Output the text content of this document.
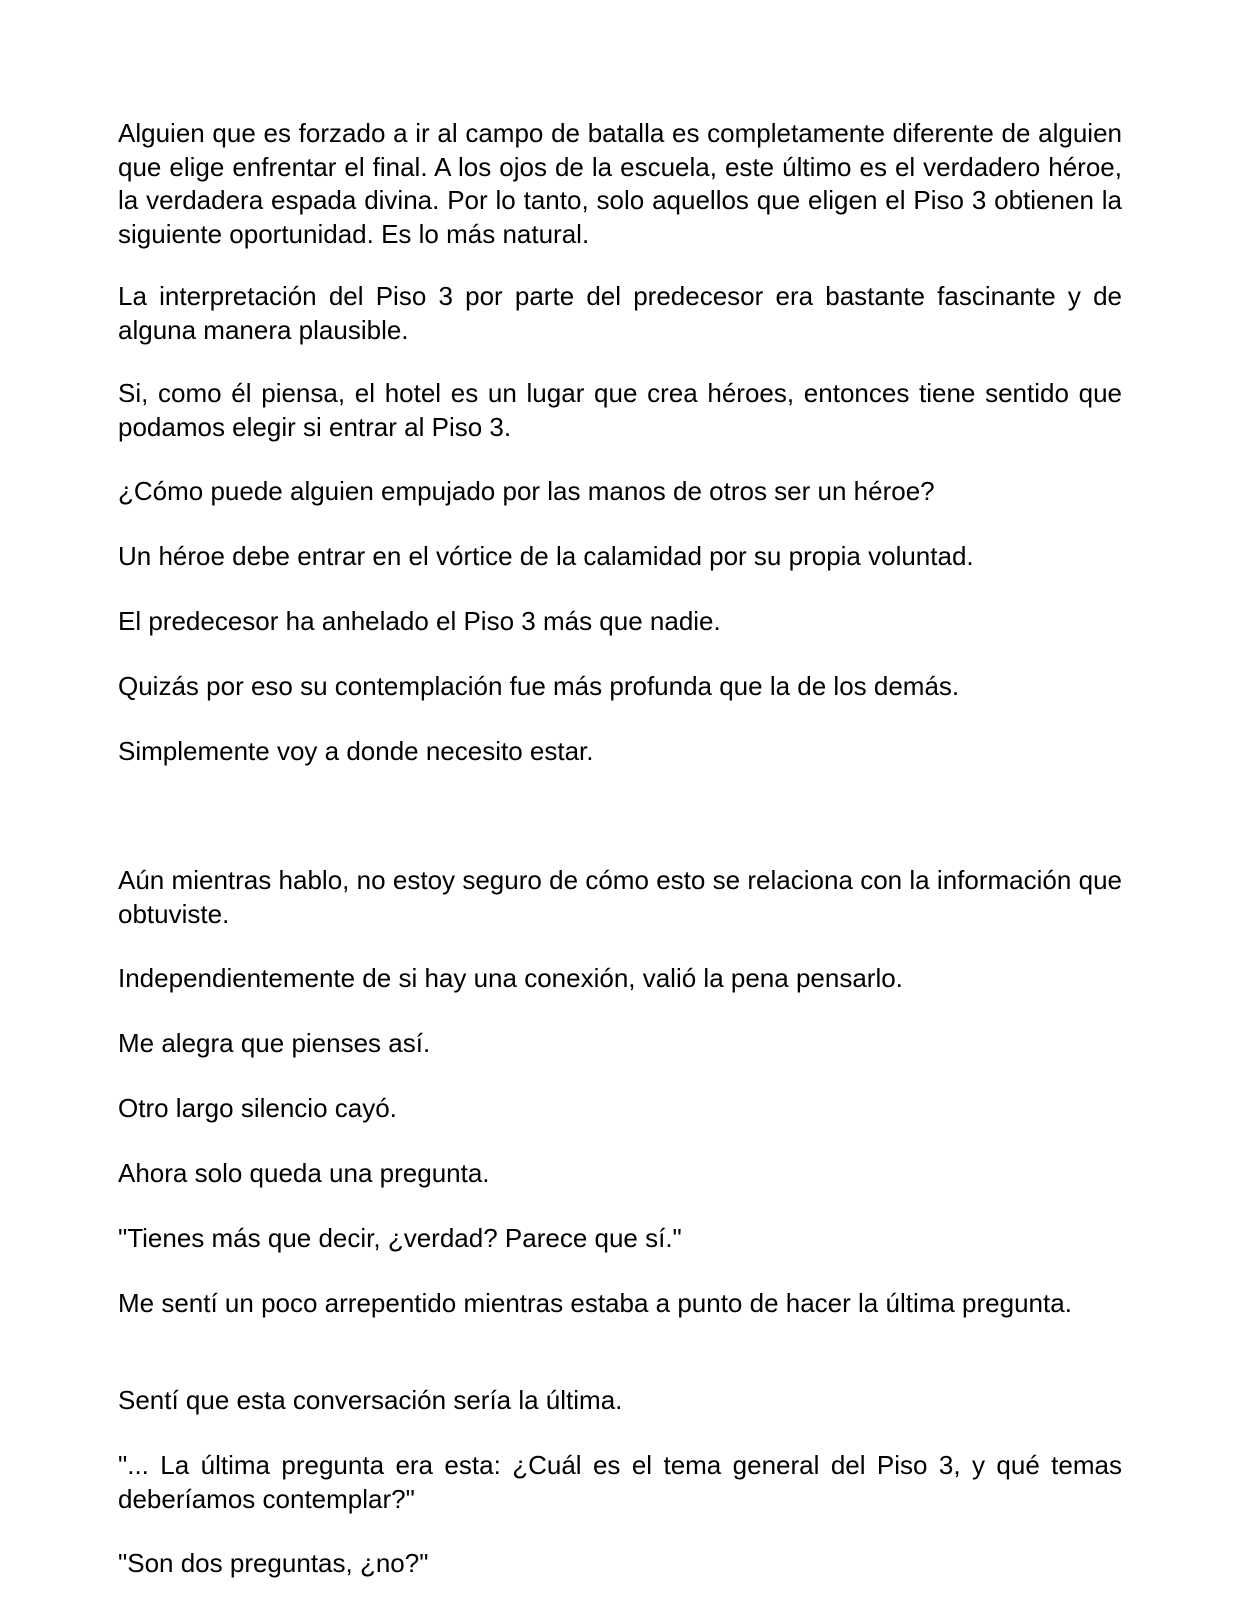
Alguien que es forzado a ir al campo de batalla es completamente diferente de alguien que elige enfrentar el final. A los ojos de la escuela, este último es el verdadero héroe, la verdadera espada divina. Por lo tanto, solo aquellos que eligen el Piso 3 obtienen la siguiente oportunidad. Es lo más natural.

La interpretación del Piso 3 por parte del predecesor era bastante fascinante y de alguna manera plausible.

Si, como él piensa, el hotel es un lugar que crea héroes, entonces tiene sentido que podamos elegir si entrar al Piso 3.

¿Cómo puede alguien empujado por las manos de otros ser un héroe?

Un héroe debe entrar en el vórtice de la calamidad por su propia voluntad.

El predecesor ha anhelado el Piso 3 más que nadie.

Quizás por eso su contemplación fue más profunda que la de los demás.

Simplemente voy a donde necesito estar.

Aún mientras hablo, no estoy seguro de cómo esto se relaciona con la información que obtuviste.

Independientemente de si hay una conexión, valió la pena pensarlo.

Me alegra que pienses así.

Otro largo silencio cayó.

Ahora solo queda una pregunta.

"Tienes más que decir, ¿verdad? Parece que sí."

Me sentí un poco arrepentido mientras estaba a punto de hacer la última pregunta.

Sentí que esta conversación sería la última.

"... La última pregunta era esta: ¿Cuál es el tema general del Piso 3, y qué temas deberíamos contemplar?"

"Son dos preguntas, ¿no?"
